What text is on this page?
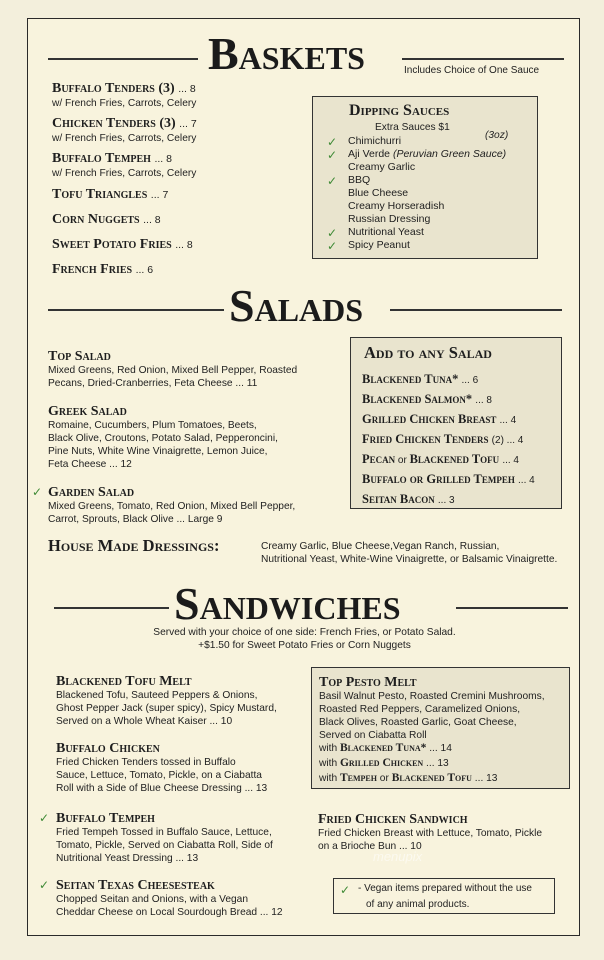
Baskets	Includes Choice of One Sauce
Buffalo Tenders (3) ... 8
w/ French Fries, Carrots, Celery
Chicken Tenders (3) ... 7
w/ French Fries, Carrots, Celery
Buffalo Tempeh ... 8
w/ French Fries, Carrots, Celery
Tofu Triangles ... 7
Corn Nuggets ... 8
Sweet Potato Fries ... 8
French Fries ... 6
Dipping Sauces
Extra Sauces $1
(3oz)
✓ Chimichurri
✓ Aji Verde (Peruvian Green Sauce)
Creamy Garlic
✓ BBQ
Blue Cheese
Creamy Horseradish
Russian Dressing
✓ Nutritional Yeast
✓ Spicy Peanut
Salads
Top Salad
Mixed Greens, Red Onion, Mixed Bell Pepper, Roasted
Pecans, Dried-Cranberries, Feta Cheese ... 11
Greek Salad
Romaine, Cucumbers, Plum Tomatoes, Beets,
Black Olive, Croutons, Potato Salad, Pepperoncini,
Pine Nuts, White Wine Vinaigrette, Lemon Juice,
Feta Cheese ... 12
✓ Garden Salad
Mixed Greens, Tomato, Red Onion, Mixed Bell Pepper,
Carrot, Sprouts, Black Olive ... Large 9
Add to any Salad
Blackened Tuna* ... 6
Blackened Salmon* ... 8
Grilled Chicken Breast ... 4
Fried Chicken Tenders (2) ... 4
Pecan or Blackened Tofu ... 4
Buffalo or Grilled Tempeh ... 4
Seitan Bacon ... 3
House Made Dressings:	Creamy Garlic, Blue Cheese,Vegan Ranch, Russian,
Nutritional Yeast, White-Wine Vinaigrette, or Balsamic Vinaigrette.
Sandwiches
Served with your choice of one side: French Fries, or Potato Salad.
+$1.50 for Sweet Potato Fries or Corn Nuggets
Blackened Tofu Melt
Blackened Tofu, Sauteed Peppers & Onions,
Ghost Pepper Jack (super spicy), Spicy Mustard,
Served on a Whole Wheat Kaiser ... 10
Buffalo Chicken
Fried Chicken Tenders tossed in Buffalo
Sauce, Lettuce, Tomato, Pickle, on a Ciabatta
Roll with a Side of Blue Cheese Dressing ... 13
✓ Buffalo Tempeh
Fried Tempeh Tossed in Buffalo Sauce, Lettuce,
Tomato, Pickle, Served on Ciabatta Roll, Side of
Nutritional Yeast Dressing ... 13
✓ Seitan Texas Cheesesteak
Chopped Seitan and Onions, with a Vegan
Cheddar Cheese on Local Sourdough Bread ... 12
Top Pesto Melt
Basil Walnut Pesto, Roasted Cremini Mushrooms,
Roasted Red Peppers, Caramelized Onions,
Black Olives, Roasted Garlic, Goat Cheese,
Served on Ciabatta Roll
with Blackened Tuna* ... 14
with Grilled Chicken ... 13
with Tempeh or Blackened Tofu ... 13
Fried Chicken Sandwich
Fried Chicken Breast with Lettuce, Tomato, Pickle
on a Brioche Bun ... 10
✓ - Vegan items prepared without the use
of any animal products.
menupix
